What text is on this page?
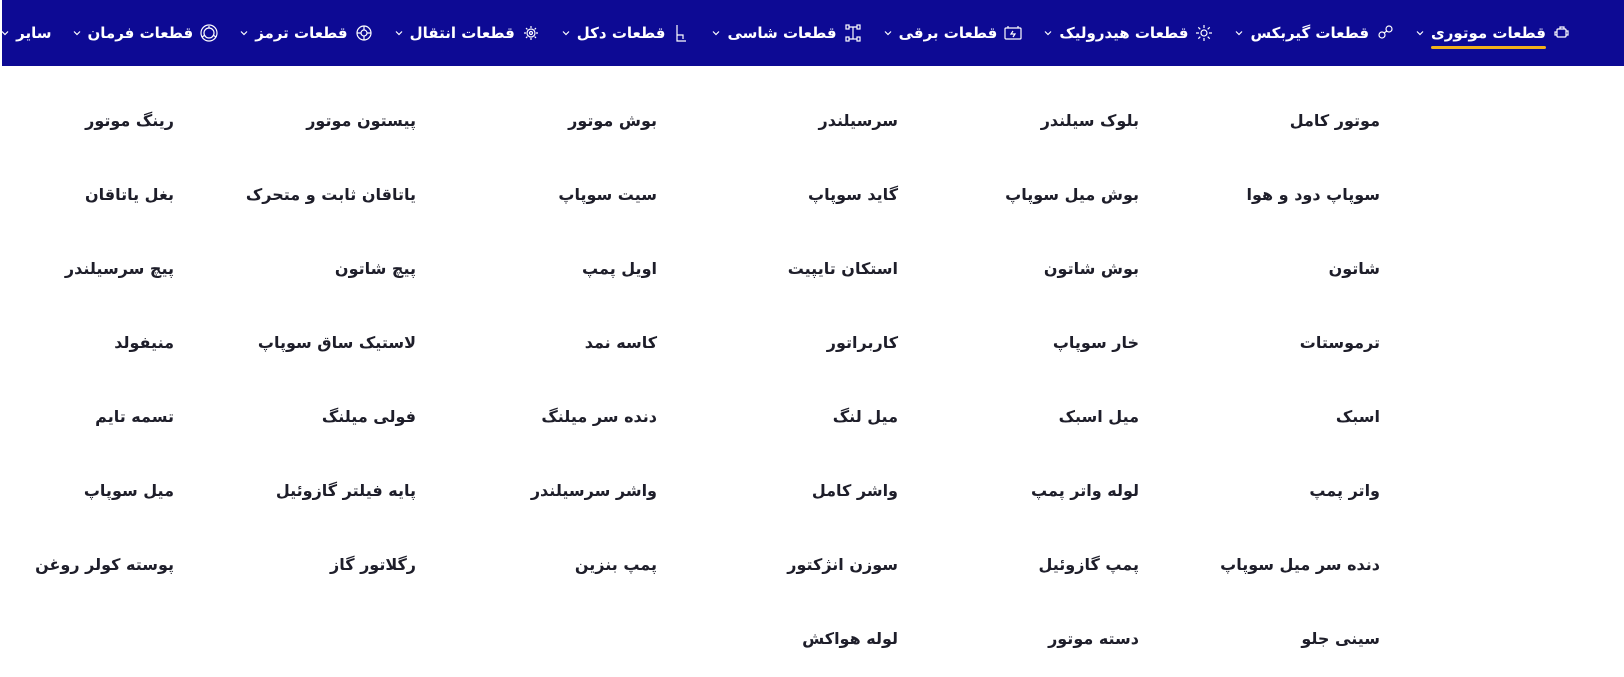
قطعات موتوری
قطعات گیربکس
قطعات هیدرولیک
قطعات برقی
قطعات شاسی
قطعات دکل
قطعات انتقال
قطعات ترمز
قطعات فرمان
سایر
موتور کامل
سوپاپ دود و هوا
شاتون
ترموستات
اسبک
واتر پمپ
دنده سر میل سوپاپ
سینی جلو
بلوک سیلندر
بوش میل سوپاپ
بوش شاتون
خار سوپاپ
میل اسبک
لوله واتر پمپ
پمپ گازوئیل
دسته موتور
سرسیلندر
گاید سوپاپ
استکان تایپیت
کاربراتور
میل لنگ
واشر کامل
سوزن انژکتور
لوله هواکش
بوش موتور
سیت سوپاپ
اویل پمپ
کاسه نمد
دنده سر میلنگ
واشر سرسیلندر
پمپ بنزین
پیستون موتور
یاتاقان ثابت و متحرک
پیچ شاتون
لاستیک ساق سوپاپ
فولی میلنگ
پایه فیلتر گازوئیل
رگلاتور گاز
رینگ موتور
بغل یاتاقان
پیچ سرسیلندر
منیفولد
تسمه تایم
میل سوپاپ
پوسته کولر روغن
